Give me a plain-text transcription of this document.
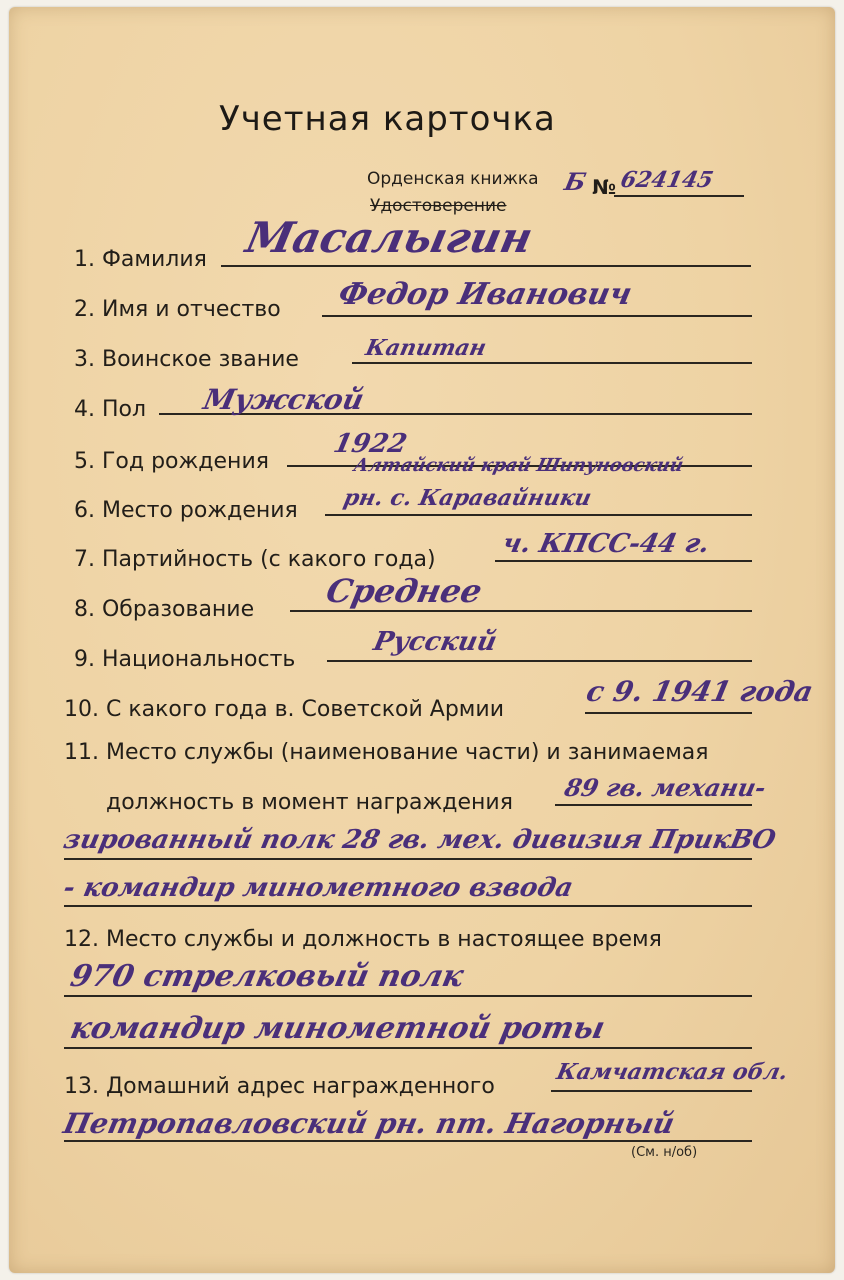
Учетная карточка
Орденская книжка
Удостоверение
Б № 624145
1. Фамилия Масалыгин
2. Имя и отчество Федор Иванович
3. Воинское звание	Капитан
4. Пол Мужской
5. Год рождения
1922
Алтайский край Шипуновский
6. Место рождения рн. с. Каравайники
7. Партийность (с какого года)
ч. КПСС-44 г.
8. Образование Среднее
9. Национальность
Русский
10. С какого года в. Советской Армии
с 9. 1941 года
11. Место службы (наименование части) и занимаемая
должность в момент награждения
89 гв. механи-
зированный полк 28 гв. мех. дивизия ПрикВО
- командир минометного взвода
12. Место службы и должность в настоящее время
970 стрелковый полк
командир минометной роты
13. Домашний адрес награжденного
Камчатская обл.
Петропавловский рн. пт. Нагорный
(См. н/об)
